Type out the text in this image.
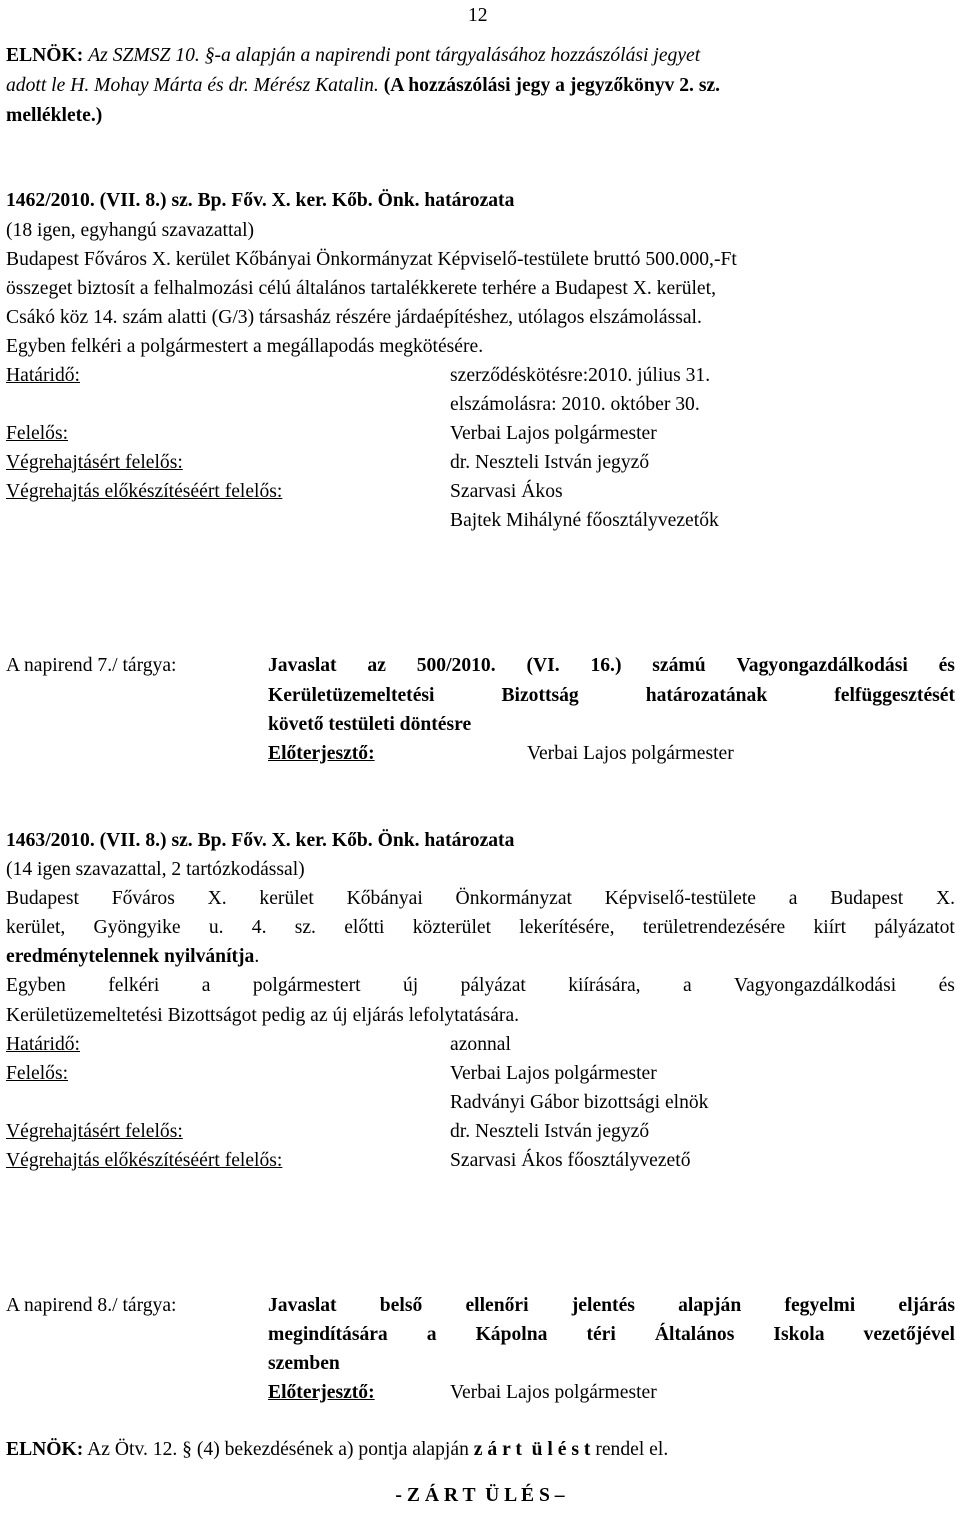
12
ELNÖK: Az SZMSZ 10. §-a alapján a napirendi pont tárgyalásához hozzászólási jegyet
adott le H. Mohay Márta és dr. Mérész Katalin. (A hozzászólási jegy a jegyzőkönyv 2. sz.
melléklete.)
1462/2010. (VII. 8.) sz. Bp. Főv. X. ker. Kőb. Önk. határozata
(18 igen, egyhangú szavazattal)
Budapest Főváros X. kerület Kőbányai Önkormányzat Képviselő-testülete bruttó 500.000,-Ft
összeget biztosít a felhalmozási célú általános tartalékkerete terhére a Budapest X. kerület,
Csákó köz 14. szám alatti (G/3) társasház részére járdaépítéshez, utólagos elszámolással.
Egyben felkéri a polgármestert a megállapodás megkötésére.
Határidő:	szerződéskötésre:2010. július 31.
elszámolásra: 2010. október 30.
Felelős:	Verbai Lajos polgármester
Végrehajtásért felelős:	dr. Neszteli István jegyző
Végrehajtás előkészítéséért felelős:	Szarvasi Ákos
Bajtek Mihályné főosztályvezetők
A napirend 7./ tárgya:	Javaslat az 500/2010. (VI. 16.) számú Vagyongazdálkodási és
Kerületüzemeltetési	Bizottság	határozatának	felfüggesztését
követő testületi döntésre
Előterjesztő:	Verbai Lajos polgármester
1463/2010. (VII. 8.) sz. Bp. Főv. X. ker. Kőb. Önk. határozata
(14 igen szavazattal, 2 tartózkodással)
Budapest Főváros X. kerület Kőbányai Önkormányzat Képviselő-testülete a Budapest X.
kerület, Gyöngyike u. 4. sz. előtti közterület lekerítésére, területrendezésére kiírt pályázatot
eredménytelennek nyilvánítja.
Egyben felkéri a polgármestert új pályázat kiírására, a Vagyongazdálkodási és
Kerületüzemeltetési Bizottságot pedig az új eljárás lefolytatására.
Határidő:	azonnal
Felelős:	Verbai Lajos polgármester
Radványi Gábor bizottsági elnök
Végrehajtásért felelős:	dr. Neszteli István jegyző
Végrehajtás előkészítéséért felelős:	Szarvasi Ákos főosztályvezető
A napirend 8./ tárgya:	Javaslat belső ellenőri jelentés alapján fegyelmi eljárás
megindítására a Kápolna téri Általános Iskola vezetőjével
szemben
Előterjesztő:	Verbai Lajos polgármester
ELNÖK: Az Ötv. 12. § (4) bekezdésének a) pontja alapján z á r t  ü l é s t rendel el.
- Z Á R T  Ü L É S –
